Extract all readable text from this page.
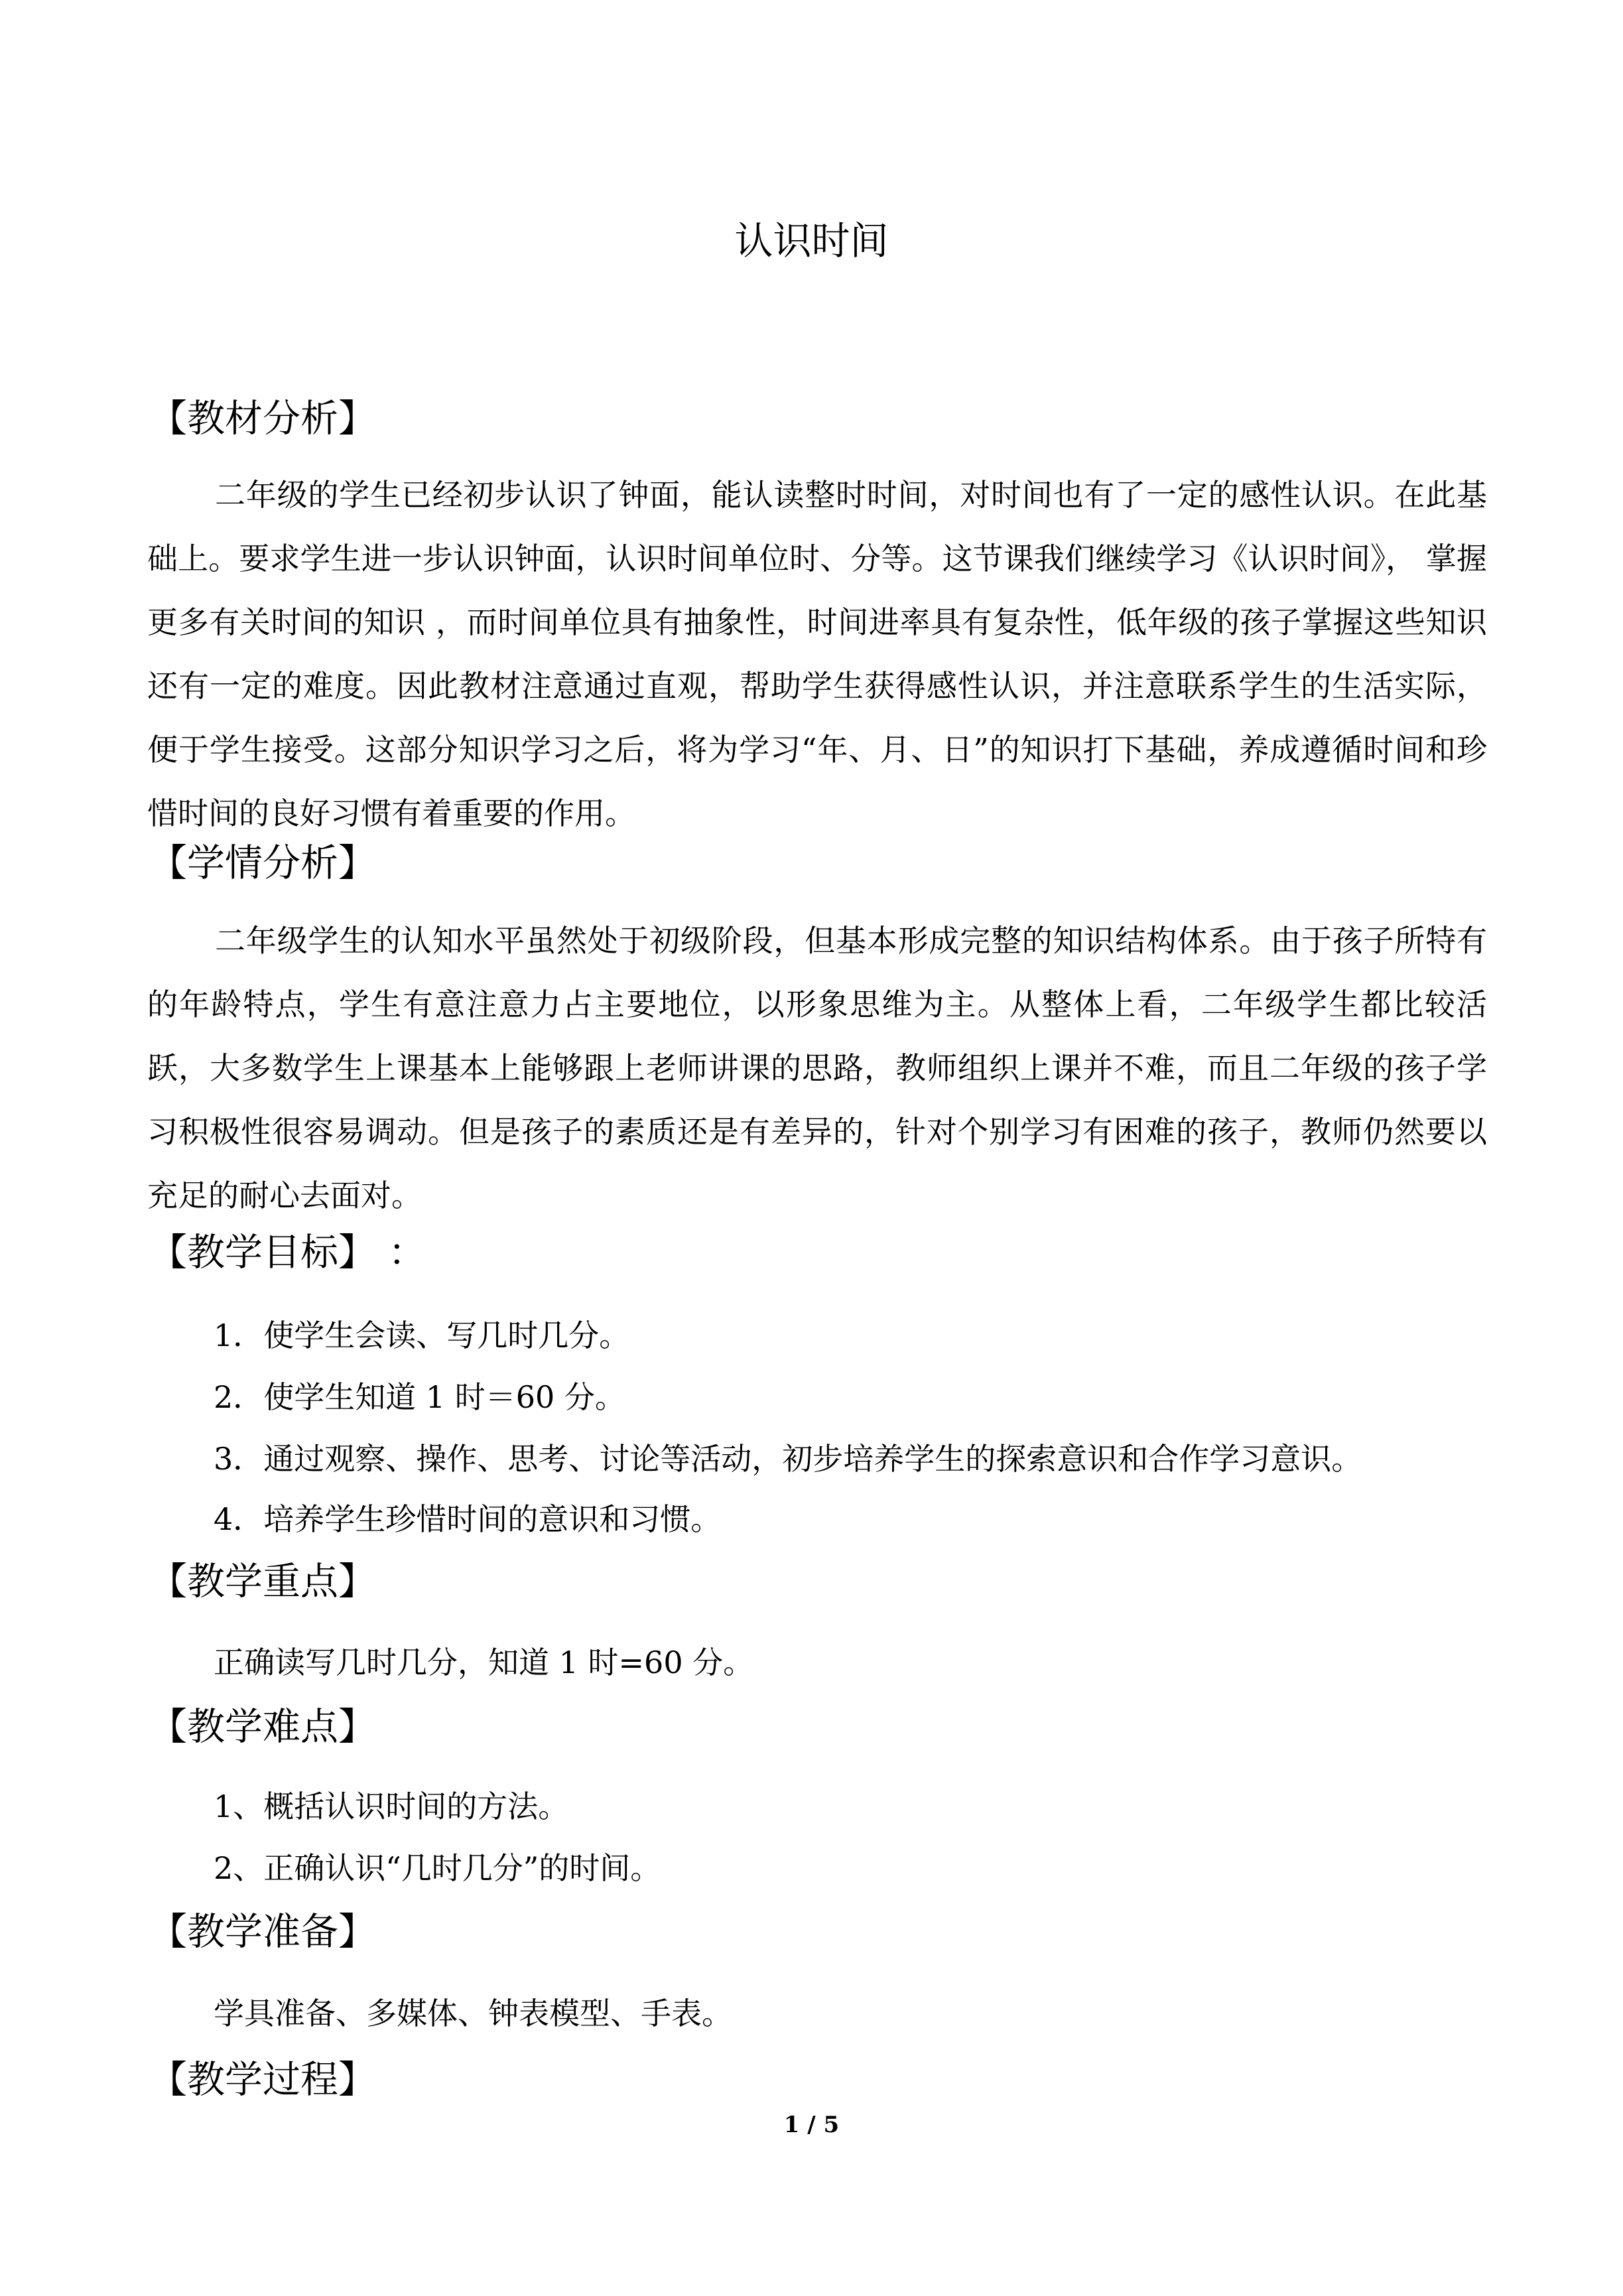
认识时间
【教材分析】
二年级的学生已经初步认识了钟面，能认读整时时间，对时间也有了一定的感性认识。在此基础上。要求学生进一步认识钟面，认识时间单位时、分等。这节课我们继续学习《认识时间》， 掌握更多有关时间的知识 ，而时间单位具有抽象性，时间进率具有复杂性，低年级的孩子掌握这些知识还有一定的难度。因此教材注意通过直观，帮助学生获得感性认识，并注意联系学生的生活实际，便于学生接受。这部分知识学习之后，将为学习“年、月、日”的知识打下基础，养成遵循时间和珍惜时间的良好习惯有着重要的作用。
【学情分析】
二年级学生的认知水平虽然处于初级阶段，但基本形成完整的知识结构体系。由于孩子所特有的年龄特点，学生有意注意力占主要地位，以形象思维为主。从整体上看，二年级学生都比较活跃，大多数学生上课基本上能够跟上老师讲课的思路，教师组织上课并不难，而且二年级的孩子学习积极性很容易调动。但是孩子的素质还是有差异的，针对个别学习有困难的孩子，教师仍然要以充足的耐心去面对。
【教学目标】 ：
1．使学生会读、写几时几分。
2．使学生知道 1 时＝60 分。
3．通过观察、操作、思考、讨论等活动，初步培养学生的探索意识和合作学习意识。
4．培养学生珍惜时间的意识和习惯。
【教学重点】
正确读写几时几分，知道 1 时=60 分。
【教学难点】
1、概括认识时间的方法。
2、正确认识“几时几分”的时间。
【教学准备】
学具准备、多媒体、钟表模型、手表。
【教学过程】
1 / 5
